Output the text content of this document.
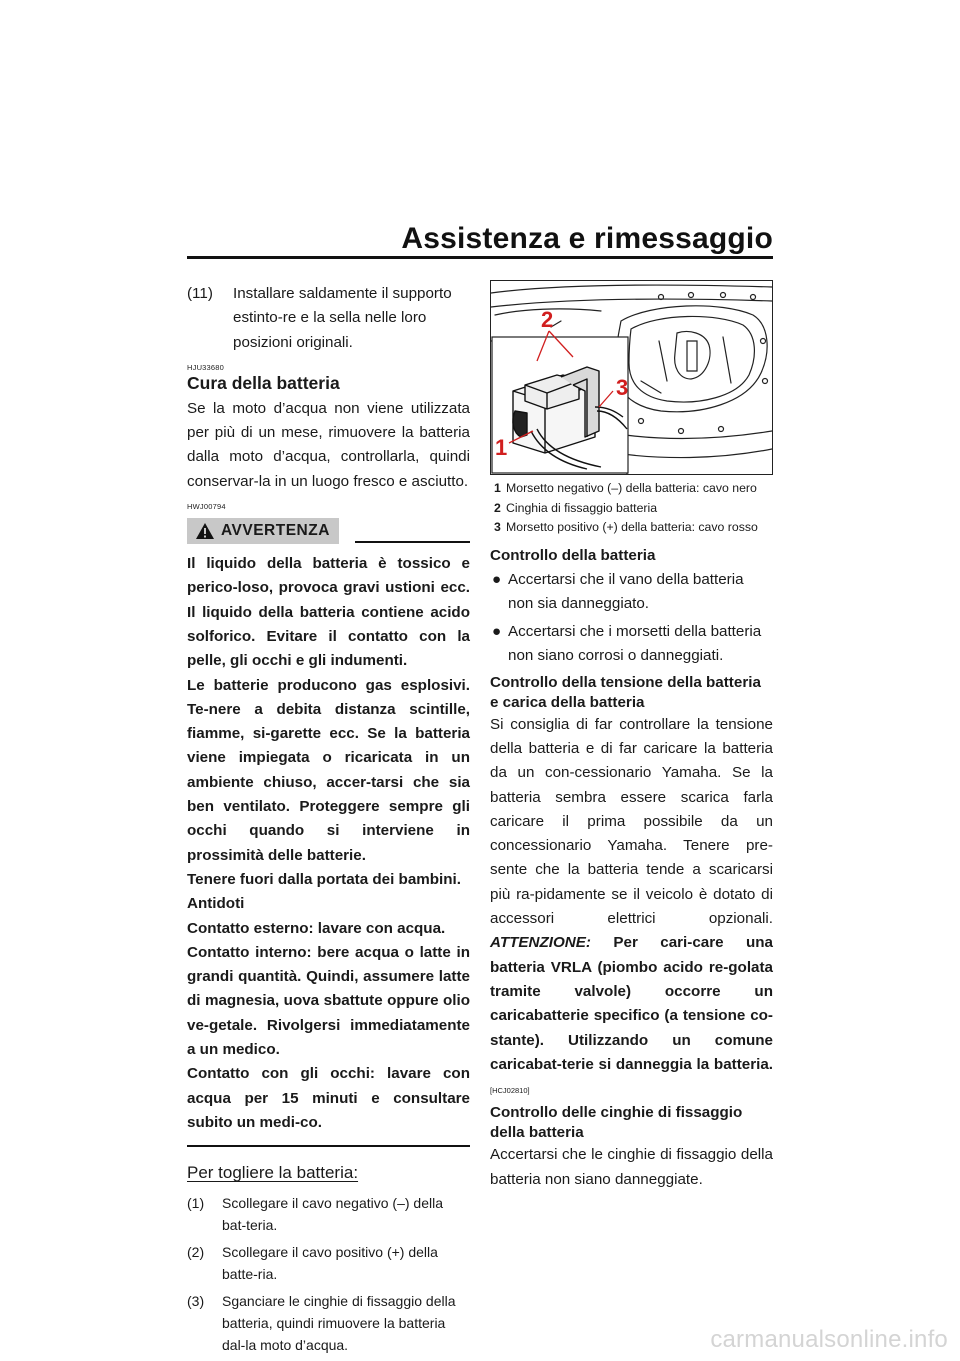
Assistenza e rimessaggio
(11) Installare saldamente il supporto estinto-re e la sella nelle loro posizioni originali.
HJU33680
Cura della batteria

Se la moto d’acqua non viene utilizzata per più di un mese, rimuovere la batteria dalla moto d’acqua, controllarla, quindi conservar-la in un luogo fresco e asciutto.

HWJ00794
AVVERTENZA

Il liquido della batteria è tossico e perico-loso, provoca gravi ustioni ecc. Il liquido della batteria contiene acido solforico. Evitare il contatto con la pelle, gli occhi e gli indumenti.

Le batterie producono gas esplosivi. Te-nere a debita distanza scintille, fiamme, si-garette ecc. Se la batteria viene impiegata o ricaricata in un ambiente chiuso, accer-tarsi che sia ben ventilato. Proteggere sempre gli occhi quando si interviene in prossimità delle batterie.

Tenere fuori dalla portata dei bambini.

Antidoti

Contatto esterno: lavare con acqua.

Contatto interno: bere acqua o latte in grandi quantità. Quindi, assumere latte di magnesia, uova sbattute oppure olio ve-getale. Rivolgersi immediatamente a un medico.

Contatto con gli occhi: lavare con acqua per 15 minuti e consultare subito un medi-co.

Per togliere la batteria:
(1) Scollegare il cavo negativo (–) della bat-teria.
(2) Scollegare il cavo positivo (+) della batte-ria.
(3) Sganciare le cinghie di fissaggio della batteria, quindi rimuovere la batteria dal-la moto d’acqua.
2
3
1
1 Morsetto negativo (–) della batteria: cavo nero
2 Cinghia di fissaggio batteria
3 Morsetto positivo (+) della batteria: cavo rosso
Controllo della batteria
● Accertarsi che il vano della batteria non sia danneggiato.
● Accertarsi che i morsetti della batteria non siano corrosi o danneggiati.
Controllo della tensione della batteria e carica della batteria

Si consiglia di far controllare la tensione della batteria e di far caricare la batteria da un con-cessionario Yamaha. Se la batteria sembra essere scarica farla caricare il prima possibile da un concessionario Yamaha. Tenere pre-sente che la batteria tende a scaricarsi più ra-pidamente se il veicolo è dotato di accessori elettrici opzionali. ATTENZIONE: Per cari-care una batteria VRLA (piombo acido re-golata tramite valvole) occorre un caricabatterie specifico (a tensione co-stante). Utilizzando un comune caricabat-terie si danneggia la batteria. [HCJ02810]

Controllo delle cinghie di fissaggio della batteria

Accertarsi che le cinghie di fissaggio della batteria non siano danneggiate.

carmanualsonline.info
